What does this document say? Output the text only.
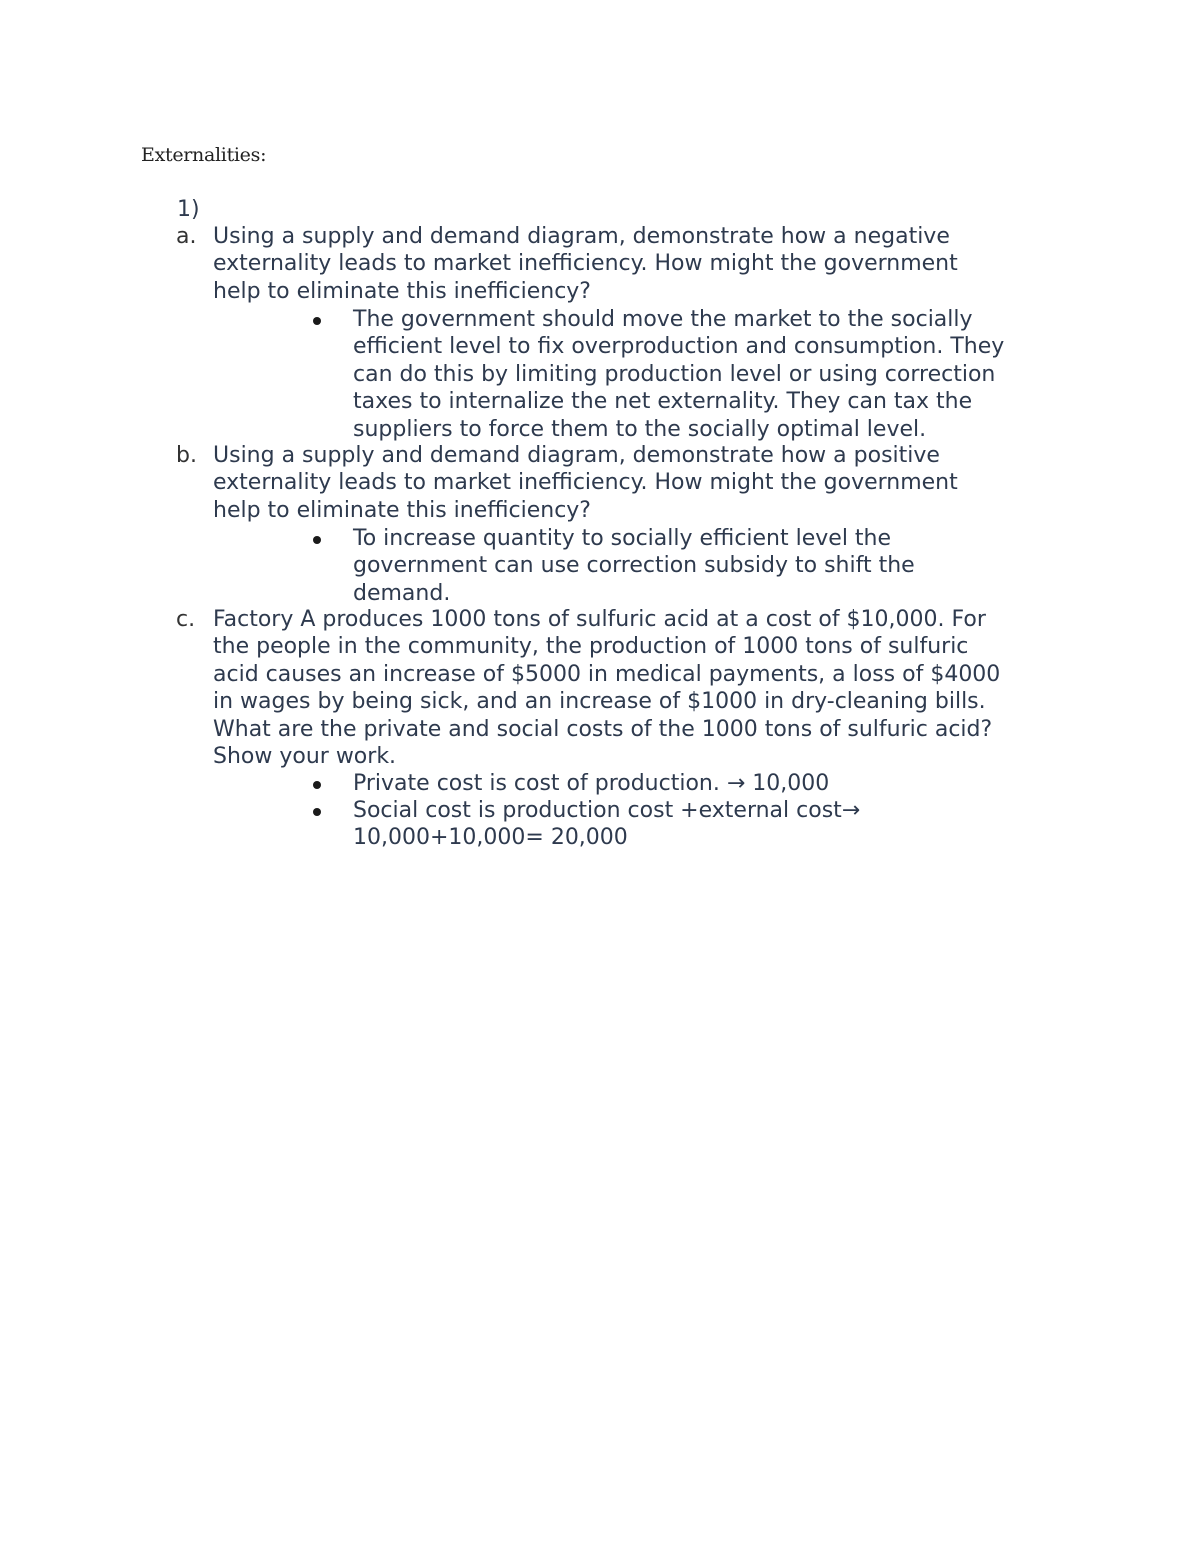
Externalities:
1)
a. Using a supply and demand diagram, demonstrate how a negative
externality leads to market inefficiency. How might the government
help to eliminate this inefficiency?
The government should move the market to the socially
efficient level to fix overproduction and consumption. They
can do this by limiting production level or using correction
taxes to internalize the net externality. They can tax the
suppliers to force them to the socially optimal level.
b. Using a supply and demand diagram, demonstrate how a positive
externality leads to market inefficiency. How might the government
help to eliminate this inefficiency?
To increase quantity to socially efficient level the
government can use correction subsidy to shift the
demand.
c. Factory A produces 1000 tons of sulfuric acid at a cost of $10,000. For
the people in the community, the production of 1000 tons of sulfuric
acid causes an increase of $5000 in medical payments, a loss of $4000
in wages by being sick, and an increase of $1000 in dry-cleaning bills.
What are the private and social costs of the 1000 tons of sulfuric acid?
Show your work.
Private cost is cost of production. → 10,000
Social cost is production cost +external cost→
10,000+10,000= 20,000
